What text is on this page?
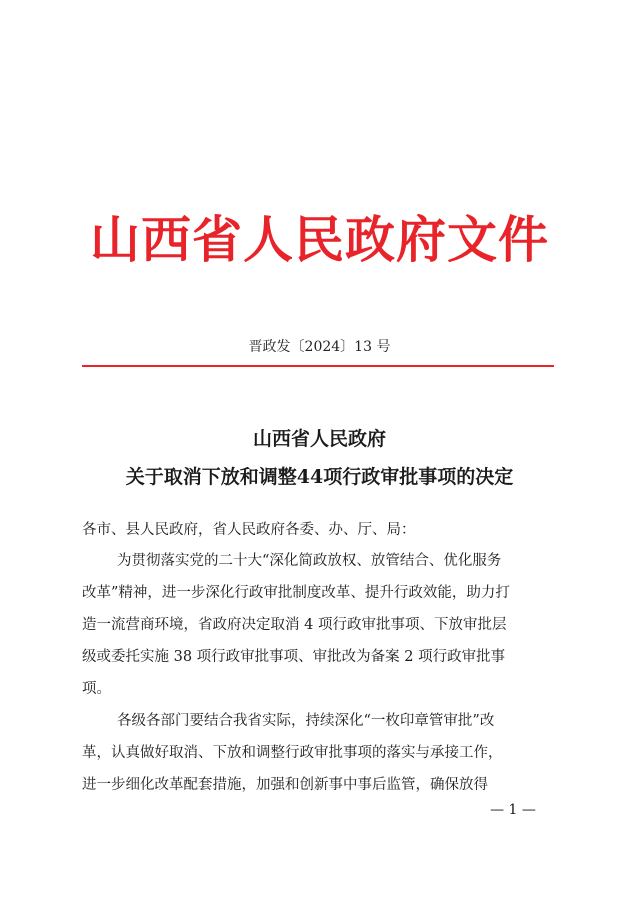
山西省人民政府文件
晋政发〔2024〕13 号
山西省人民政府
关于取消下放和调整44项行政审批事项的决定
各市、县人民政府，省人民政府各委、办、厅、局：
为贯彻落实党的二十大“深化简政放权、放管结合、优化服务
改革”精神，进一步深化行政审批制度改革、提升行政效能，助力打
造一流营商环境，省政府决定取消 4 项行政审批事项、下放审批层
级或委托实施 38 项行政审批事项、审批改为备案 2 项行政审批事
项。
各级各部门要结合我省实际，持续深化“一枚印章管审批”改
革，认真做好取消、下放和调整行政审批事项的落实与承接工作，
进一步细化改革配套措施，加强和创新事中事后监管，确保放得
— 1 —
